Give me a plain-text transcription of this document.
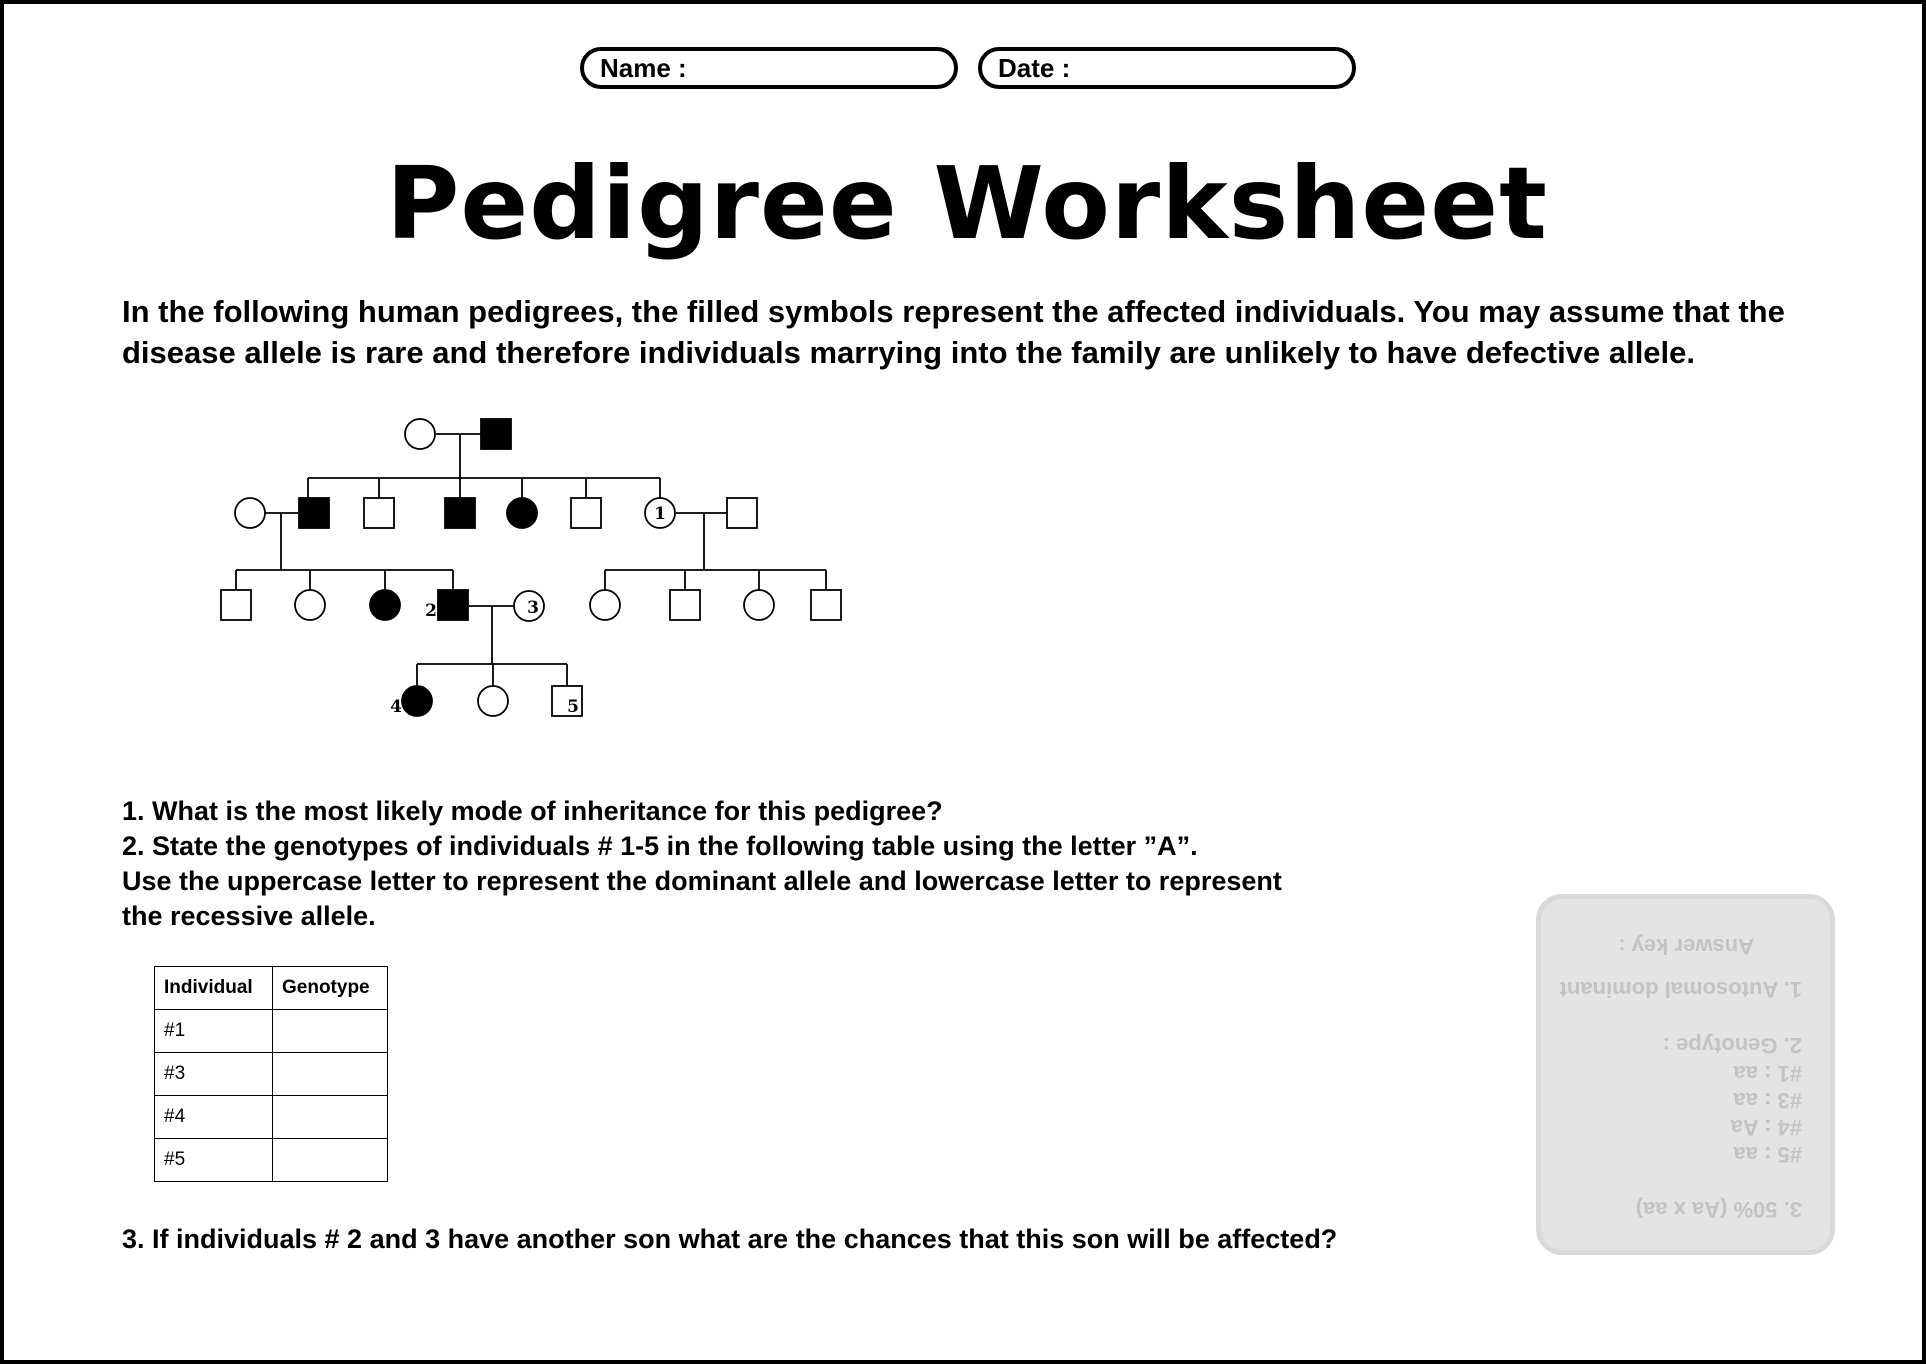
Name :	Date :
Pedigree Worksheet
In the following human pedigrees, the filled symbols represent the affected individuals. You may assume that the
disease allele is rare and therefore individuals marrying into the family are unlikely to have defective allele.
1
2	3
4	5
1. What is the most likely mode of inheritance for this pedigree?
2. State the genotypes of individuals # 1-5 in the following table using the letter ”A”.
Use the uppercase letter to represent the dominant allele and lowercase letter to represent
the recessive allele.
Individual	Genotype
#1	
#3	
#4	
#5	
3. If individuals # 2 and 3 have another son what are the chances that this son will be affected?
Answer key :
1. Autosomal dominant
2. Genotype :
#1 : aa
#3 : aa
#4 : Aa
#5 : aa
3. 50% (Aa x aa)
